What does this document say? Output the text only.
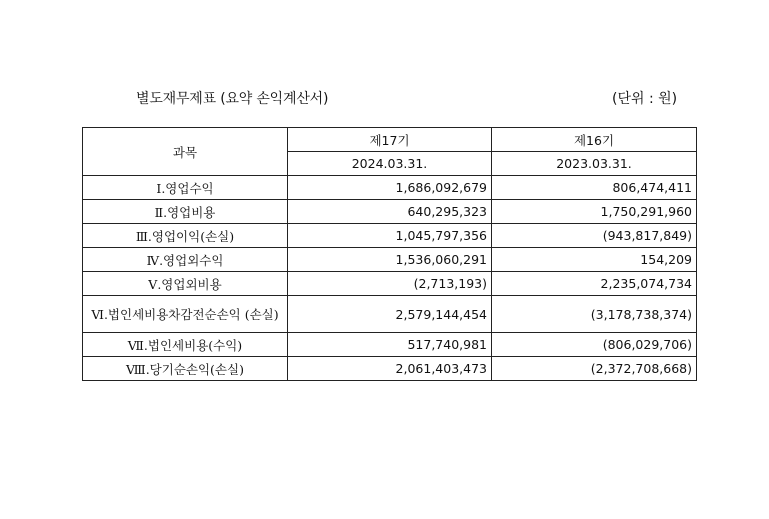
별도재무제표 (요약 손익계산서)	(단위 : 원)
과목	제17기	제16기
	2024.03.31.	2023.03.31.
Ⅰ.영업수익	1,686,092,679	806,474,411
Ⅱ.영업비용	640,295,323	1,750,291,960
Ⅲ.영업이익(손실)	1,045,797,356	(943,817,849)
Ⅳ.영업외수익	1,536,060,291	154,209
Ⅴ.영업외비용	(2,713,193)	2,235,074,734
Ⅵ.법인세비용차감전순손익 (손실)	2,579,144,454	(3,178,738,374)
Ⅶ.법인세비용(수익)	517,740,981	(806,029,706)
Ⅷ.당기순손익(손실)	2,061,403,473	(2,372,708,668)
